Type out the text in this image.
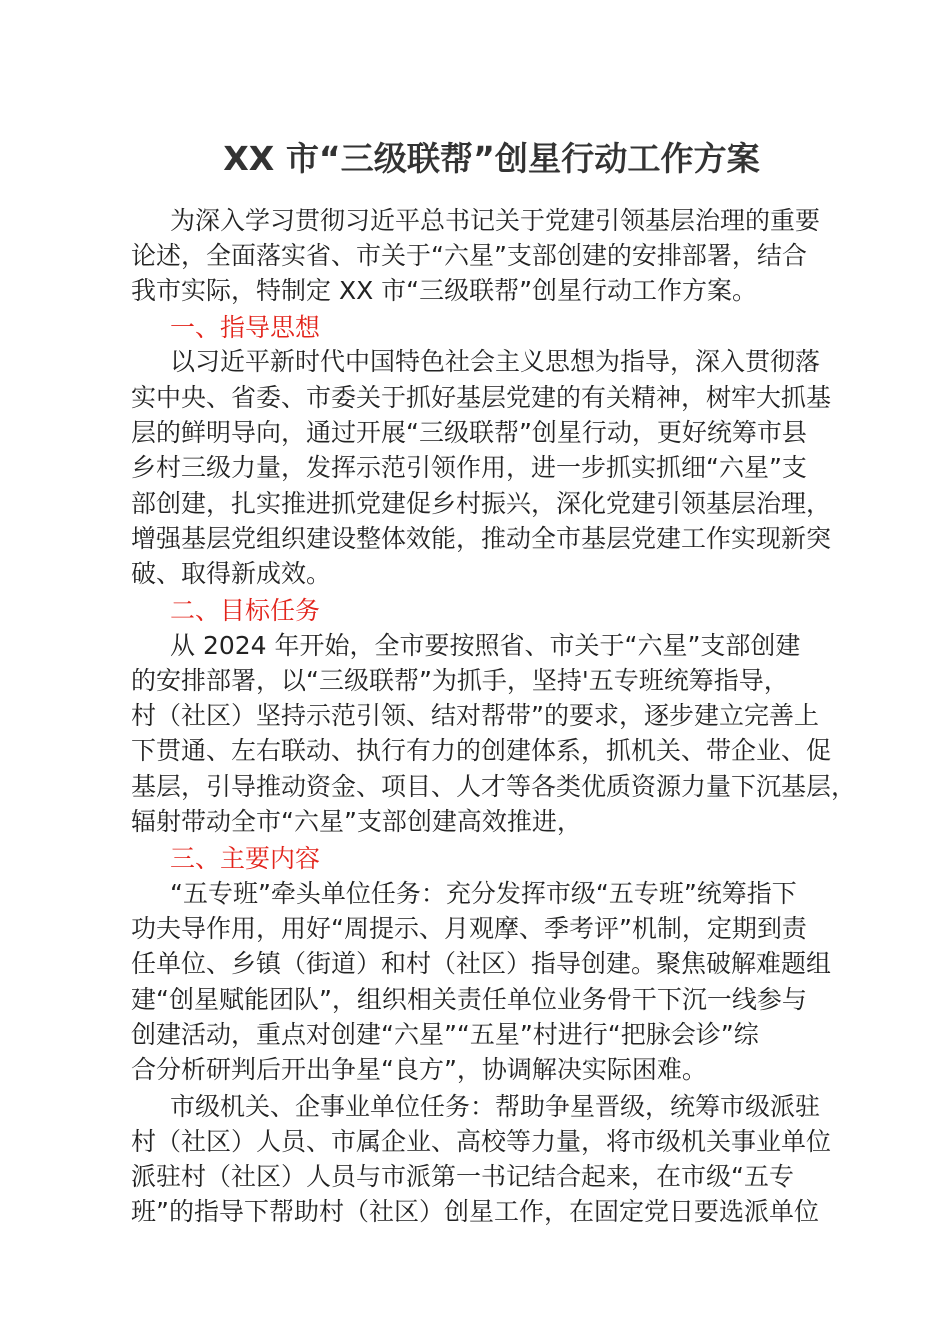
XX 市“三级联帮”创星行动工作方案
为深入学习贯彻习近平总书记关于党建引领基层治理的重要
论述，全面落实省、市关于“六星”支部创建的安排部署，结合
我市实际，特制定 XX 市“三级联帮”创星行动工作方案。
一、指导思想
以习近平新时代中国特色社会主义思想为指导，深入贯彻落
实中央、省委、市委关于抓好基层党建的有关精神，树牢大抓基
层的鲜明导向，通过开展“三级联帮”创星行动，更好统筹市县
乡村三级力量，发挥示范引领作用，进一步抓实抓细“六星”支
部创建，扎实推进抓党建促乡村振兴，深化党建引领基层治理，
增强基层党组织建设整体效能，推动全市基层党建工作实现新突
破、取得新成效。
二、目标任务
从 2024 年开始，全市要按照省、市关于“六星”支部创建
的安排部署，以“三级联帮”为抓手，坚持'五专班统筹指导，
村（社区）坚持示范引领、结对帮带”的要求，逐步建立完善上
下贯通、左右联动、执行有力的创建体系，抓机关、带企业、促
基层，引导推动资金、项目、人才等各类优质资源力量下沉基层，
辐射带动全市“六星”支部创建高效推进，
三、主要内容
“五专班”牵头单位任务：充分发挥市级“五专班”统筹指下
功夫导作用，用好“周提示、月观摩、季考评”机制，定期到责
任单位、乡镇（街道）和村（社区）指导创建。聚焦破解难题组
建“创星赋能团队”，组织相关责任单位业务骨干下沉一线参与
创建活动，重点对创建“六星”“五星”村进行“把脉会诊”综
合分析研判后开出争星“良方”，协调解决实际困难。
市级机关、企事业单位任务：帮助争星晋级，统筹市级派驻
村（社区）人员、市属企业、高校等力量，将市级机关事业单位
派驻村（社区）人员与市派第一书记结合起来，在市级“五专
班”的指导下帮助村（社区）创星工作，在固定党日要选派单位
